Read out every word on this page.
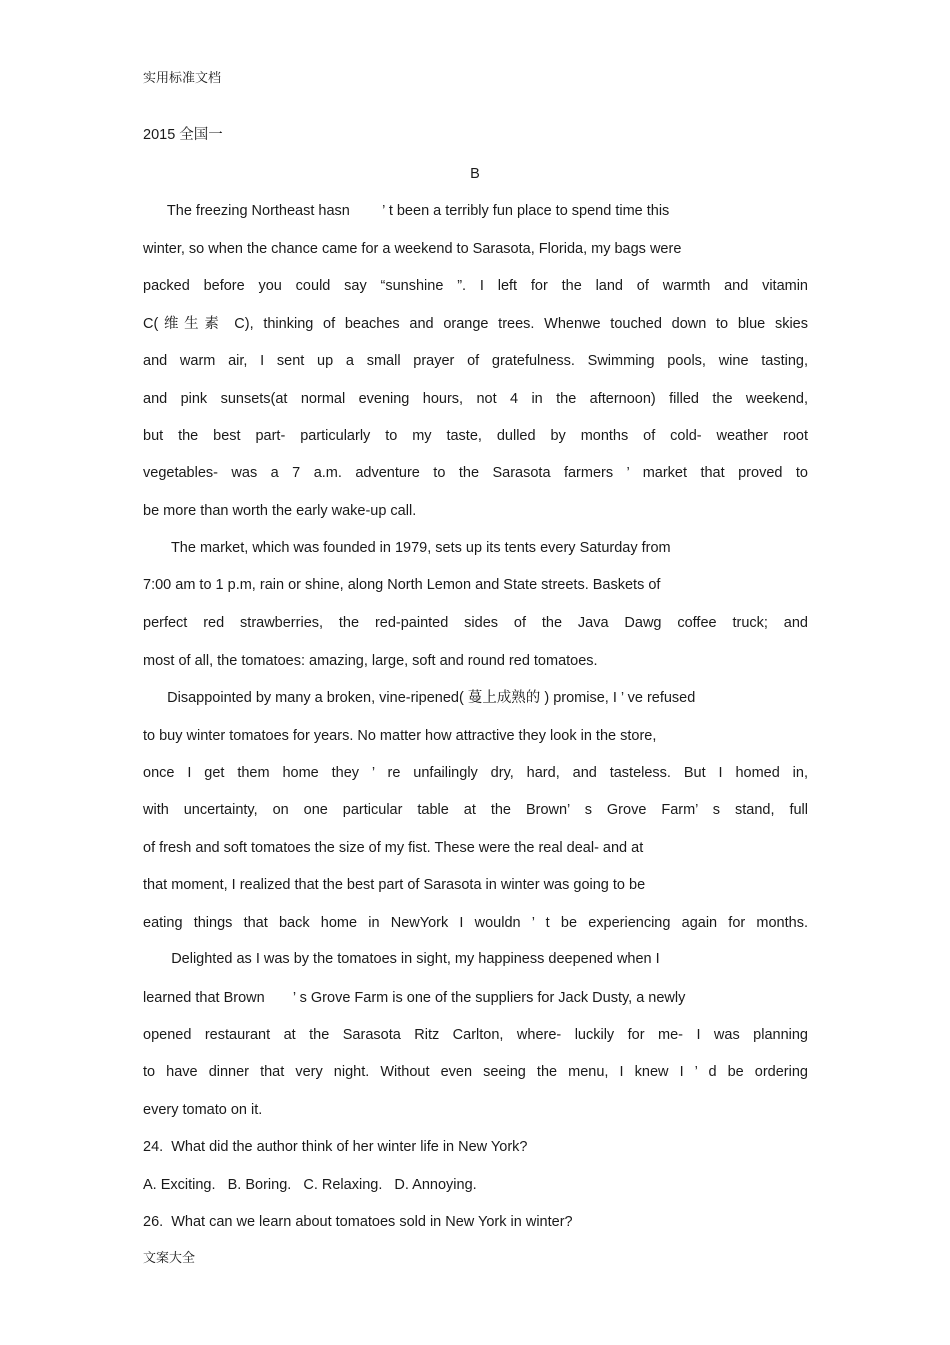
实用标准文档
2015 全国一
B
The freezing Northeast hasn        ’ t been a terribly fun place to spend time this
winter, so when the chance came for a weekend to Sarasota, Florida, my bags were
packed before you could say “sunshine ”. I left for the land of warmth and vitamin
C(维生素 C), thinking of beaches and orange trees. Whenwe touched down to blue skies
and warm air, I sent up a small prayer of gratefulness. Swimming pools, wine tasting,
and pink sunsets(at normal evening hours, not 4 in the afternoon) filled the weekend,
but the best part- particularly to my taste, dulled by months of cold- weather root
vegetables- was a 7 a.m. adventure to the Sarasota farmers ’ market that proved to
be more than worth the early wake-up call.
The market, which was founded in 1979, sets up its tents every Saturday from
7:00 am to 1 p.m, rain or shine, along North Lemon and State streets. Baskets of
perfect red strawberries, the red-painted sides of the Java Dawg coffee truck; and
most of all, the tomatoes: amazing, large, soft and round red tomatoes.
Disappointed by many a broken, vine-ripened( 蔓上成熟的 ) promise, I ’ ve refused
to buy winter tomatoes for years. No matter how attractive they look in the store,
once I get them home they ’ re unfailingly dry, hard, and tasteless. But I homed in,
with uncertainty, on one particular table at the Brown’ s Grove Farm’ s stand, full
of fresh and soft tomatoes the size of my fist. These were the real deal- and at
that moment, I realized that the best part of Sarasota in winter was going to be
eating things that back home in NewYork I wouldn ’ t be experiencing again for months.
Delighted as I was by the tomatoes in sight, my happiness deepened when I
learned that Brown       ’ s Grove Farm is one of the suppliers for Jack Dusty, a newly
opened restaurant at the Sarasota Ritz Carlton, where- luckily for me- I was planning
to have dinner that very night. Without even seeing the menu, I knew I ’ d be ordering
every tomato on it.
24.  What did the author think of her winter life in New York?
A. Exciting.   B. Boring.   C. Relaxing.   D. Annoying.
26.  What can we learn about tomatoes sold in New York in winter?
文案大全
